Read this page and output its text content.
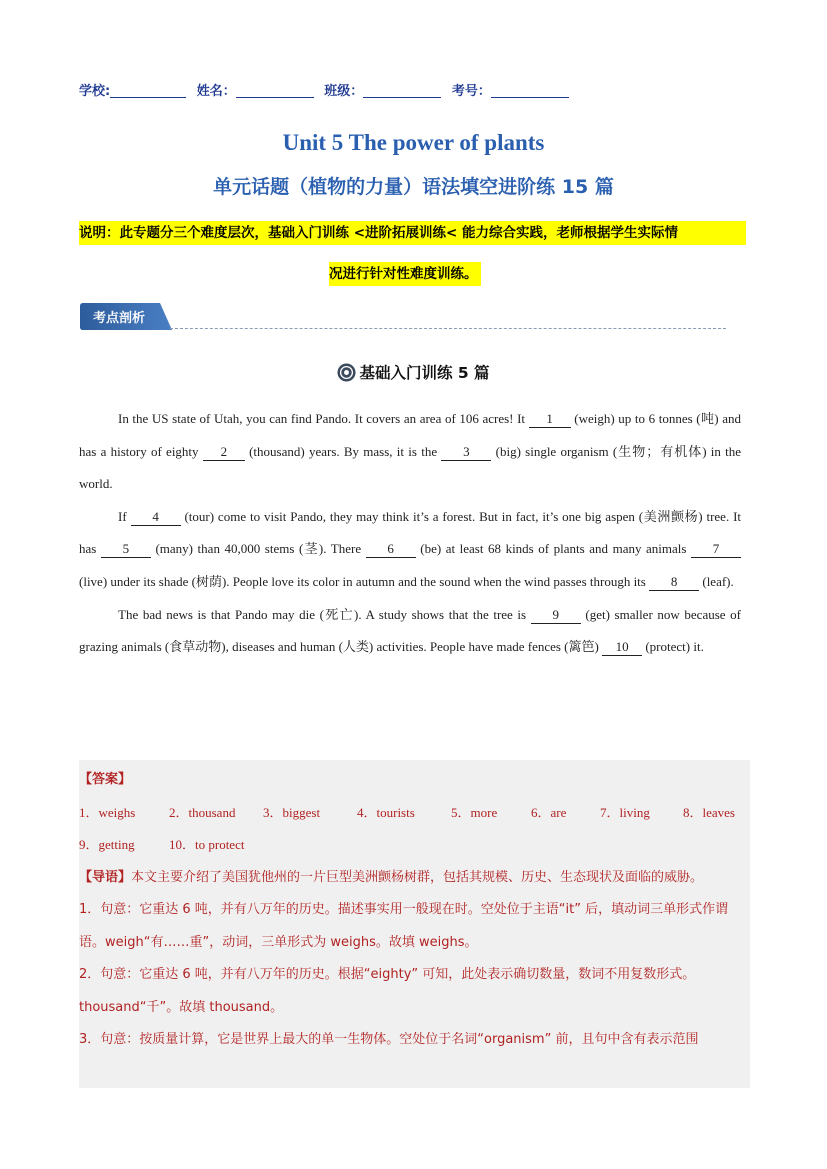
学校:	姓名：	班级：	考号：
Unit 5 The power of plants
单元话题（植物的力量）语法填空进阶练 15 篇
说明：此专题分三个难度层次，基础入门训练 <进阶拓展训练< 能力综合实践，老师根据学生实际情
况进行针对性难度训练。
考点剖析
基础入门训练 5 篇

In the US state of Utah, you can find Pando. It covers an area of 106 acres! It 1 (weigh) up to 6 tonnes (吨) and has a history of eighty 2 (thousand) years. By mass, it is the 3 (big) single organism (生物；有机体) in the world.

If 4 (tour) come to visit Pando, they may think it’s a forest. But in fact, it’s one big aspen (美洲颤杨) tree. It has 5 (many) than 40,000 stems (茎). There 6 (be) at least 68 kinds of plants and many animals 7 (live) under its shade (树荫). People love its color in autumn and the sound when the wind passes through its 8 (leaf).

The bad news is that Pando may die (死亡). A study shows that the tree is 9 (get) smaller now because of grazing animals (食草动物), diseases and human (人类) activities. People have made fences (篱笆) 10 (protect) it.

【答案】

1．weighs	2．thousand 3．biggest	4．tourists	5．more	6．are	7．living	8．leaves

9．getting	10．to protect

【导语】本文主要介绍了美国犹他州的一片巨型美洲颤杨树群，包括其规模、历史、生态现状及面临的威胁。

1．句意：它重达 6 吨，并有八万年的历史。描述事实用一般现在时。空处位于主语“it” 后，填动词三单形式作谓语。weigh“有……重”，动词，三单形式为 weighs。故填 weighs。

2．句意：它重达 6 吨，并有八万年的历史。根据“eighty” 可知，此处表示确切数量，数词不用复数形式。thousand“千”。故填 thousand。

3．句意：按质量计算，它是世界上最大的单一生物体。空处位于名词“organism” 前，且句中含有表示范围
